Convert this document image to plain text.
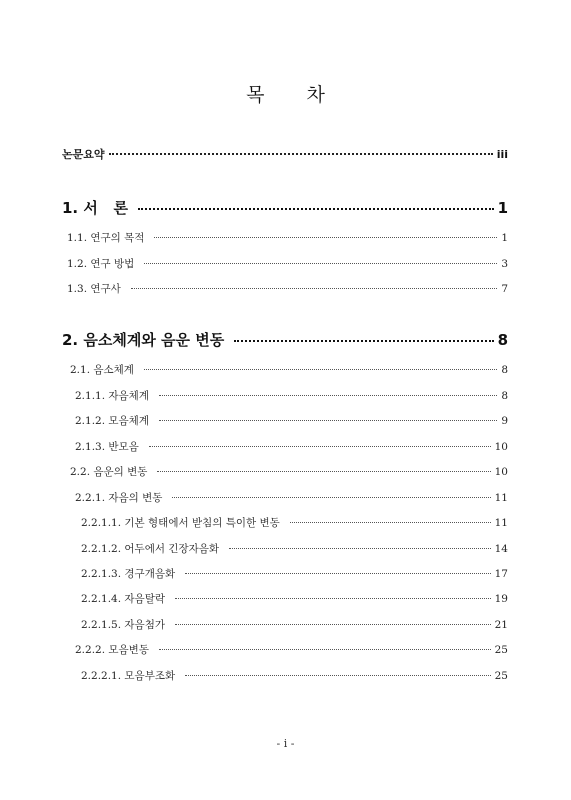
목 차
논문요약	iii
1. 서   론	1
1.1. 연구의 목적	1
1.2. 연구 방법	3
1.3. 연구사	7
2. 음소체계와 음운 변동	8
2.1. 음소체계	8
2.1.1. 자음체계	8
2.1.2. 모음체계	9
2.1.3. 반모음	10
2.2. 음운의 변동	10
2.2.1. 자음의 변동	11
2.2.1.1. 기본 형태에서 받침의 특이한 변동	11
2.2.1.2. 어두에서 긴장자음화	14
2.2.1.3. 경구개음화	17
2.2.1.4. 자음탈락	19
2.2.1.5. 자음첨가	21
2.2.2. 모음변동	25
2.2.2.1. 모음부조화	25
- i -
